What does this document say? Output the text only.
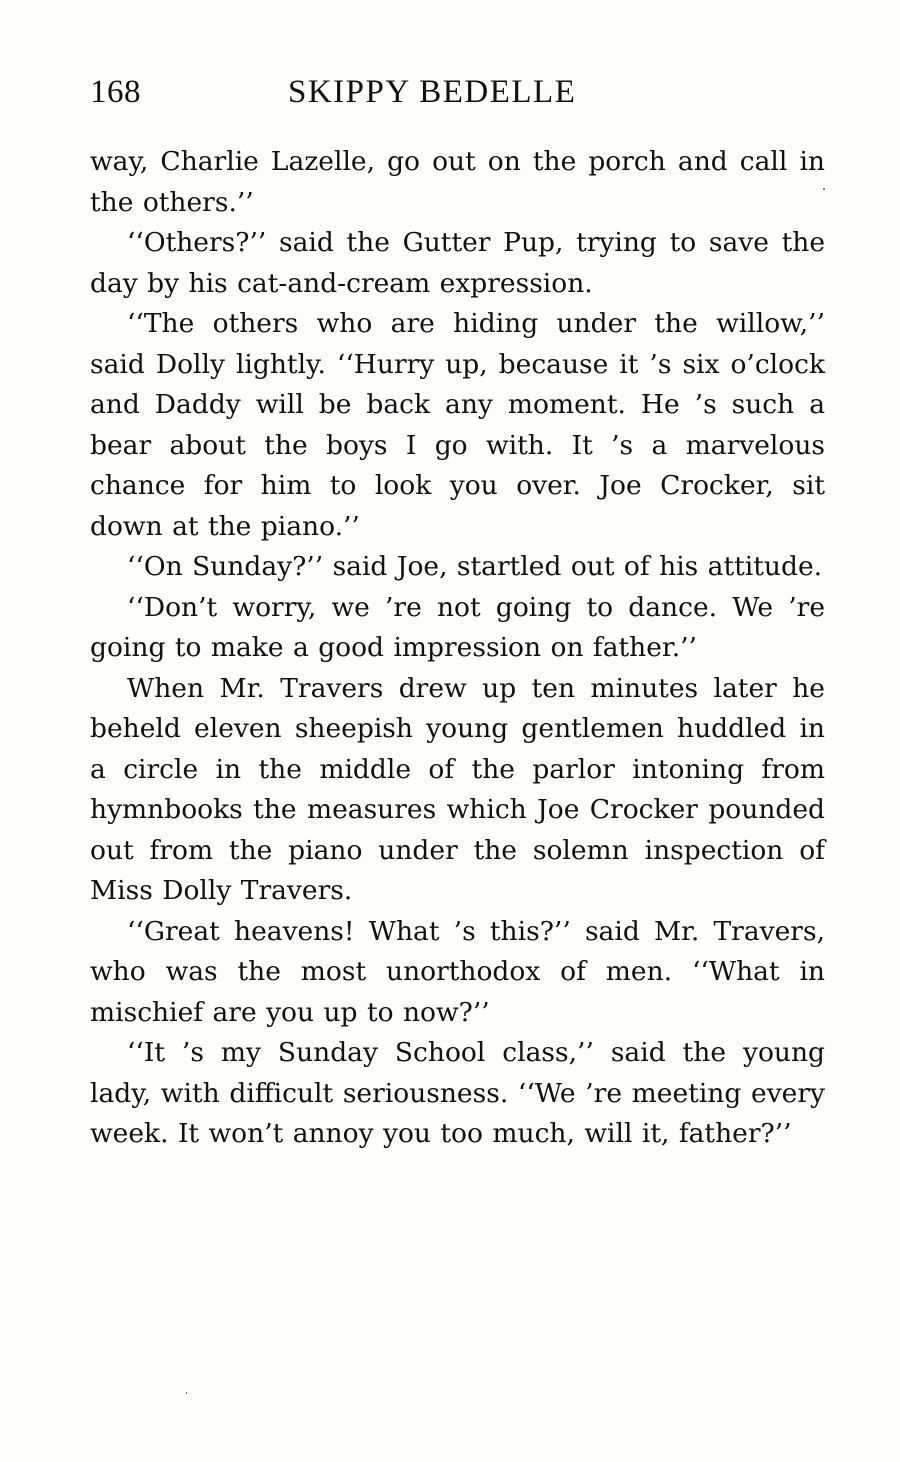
168	SKIPPY BEDELLE

way, Charlie Lazelle, go out on the porch and call in the others.’’

‘‘Others?’’ said the Gutter Pup, trying to save the day by his cat-and-cream expression.

‘‘The others who are hiding under the willow,’’ said Dolly lightly. ‘‘Hurry up, because it ’s six o’clock and Daddy will be back any moment. He ’s such a bear about the boys I go with. It ’s a marvelous chance for him to look you over. Joe Crocker, sit down at the piano.’’

‘‘On Sunday?’’ said Joe, startled out of his attitude.

‘‘Don’t worry, we ’re not going to dance. We ’re going to make a good impression on father.’’

When Mr. Travers drew up ten minutes later he beheld eleven sheepish young gentlemen huddled in a circle in the middle of the parlor intoning from hymnbooks the measures which Joe Crocker pounded out from the piano under the solemn inspection of Miss Dolly Travers.

‘‘Great heavens! What ’s this?’’ said Mr. Travers, who was the most unorthodox of men. ‘‘What in mischief are you up to now?’’

‘‘It ’s my Sunday School class,’’ said the young lady, with difficult seriousness. ‘‘We ’re meeting every week. It won’t annoy you too much, will it, father?’’
